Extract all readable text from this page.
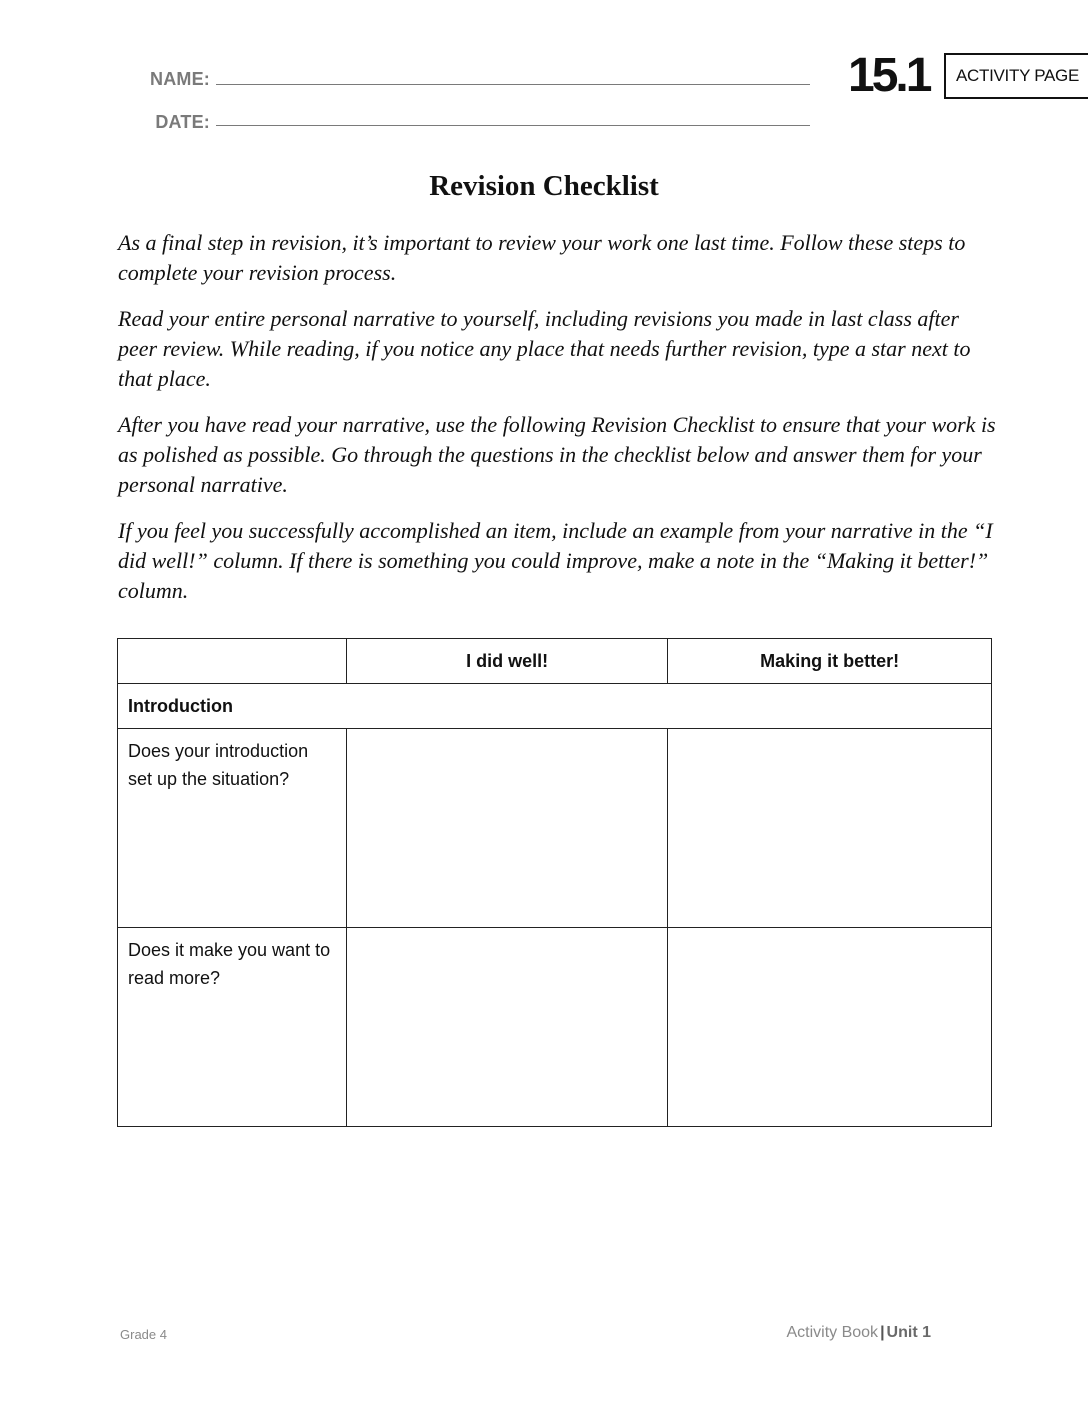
NAME:
DATE:
15.1	ACTIVITY PAGE
Revision Checklist

As a final step in revision, it’s important to review your work one last time. Follow these steps to complete your revision process.

Read your entire personal narrative to yourself, including revisions you made in last class after peer review. While reading, if you notice any place that needs further revision, type a star next to that place.

After you have read your narrative, use the following Revision Checklist to ensure that your work is as polished as possible. Go through the questions in the checklist below and answer them for your personal narrative.

If you feel you successfully accomplished an item, include an example from your narrative in the “I did well!” column. If there is something you could improve, make a note in the “Making it better!” column.

	I did well!	Making it better!
Introduction		
Does your introduction set up the situation?		
Does it make you want to read more?		
Grade 4	Activity Book | Unit 1
